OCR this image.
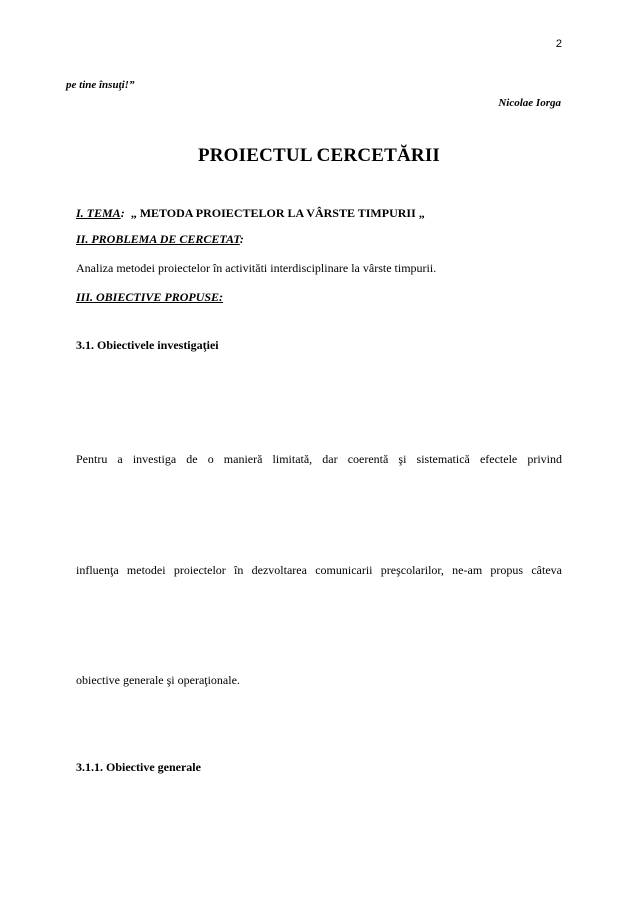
2
pe tine însuţi!”
Nicolae Iorga
PROIECTUL CERCETĂRII
I. TEMA: „ METODA PROIECTELOR LA VÂRSTE TIMPURII „
II. PROBLEMA DE CERCETAT:
Analiza metodei proiectelor în activităti interdisciplinare la vârste timpurii.
III. OBIECTIVE PROPUSE:
3.1. Obiectivele investigaţiei
Pentru a investiga de o manieră limitată, dar coerentă şi sistematică efectele privind
influenţa metodei proiectelor în dezvoltarea comunicarii preşcolarilor, ne-am propus câteva
obiective generale şi operaţionale.
3.1.1. Obiective generale
